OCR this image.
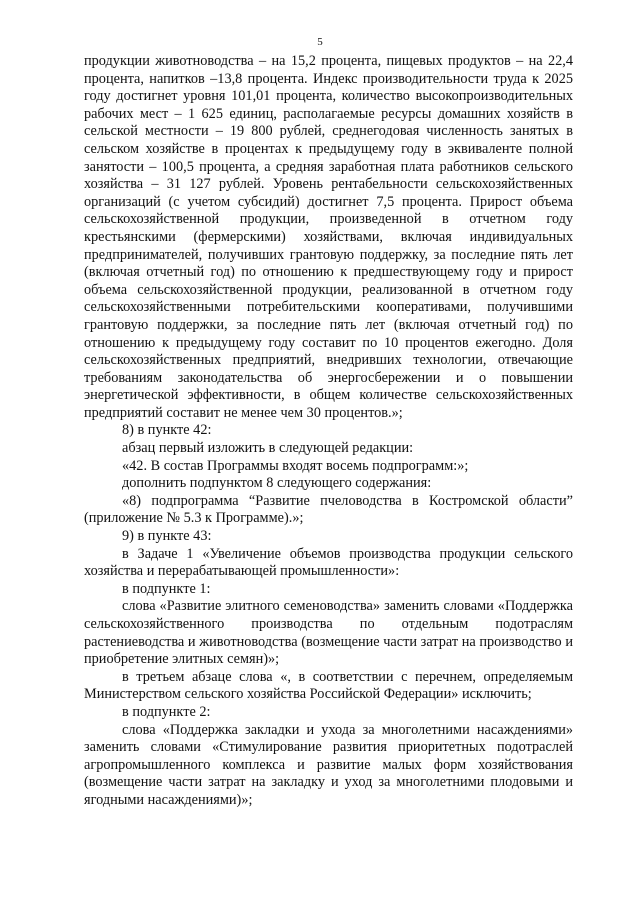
5

продукции животноводства – на 15,2 процента, пищевых продуктов – на 22,4 процента, напитков –13,8 процента. Индекс производительности труда к 2025 году достигнет уровня 101,01 процента, количество высокопроизводительных рабочих мест – 1 625 единиц, располагаемые ресурсы домашних хозяйств в сельской местности – 19 800 рублей, среднегодовая численность занятых в сельском хозяйстве в процентах к предыдущему году в эквиваленте полной занятости – 100,5 процента, а средняя заработная плата работников сельского хозяйства – 31 127 рублей. Уровень рентабельности сельскохозяйственных организаций (с учетом субсидий) достигнет 7,5 процента. Прирост объема сельскохозяйственной продукции, произведенной в отчетном году крестьянскими (фермерскими) хозяйствами, включая индивидуальных предпринимателей, получивших грантовую поддержку, за последние пять лет (включая отчетный год) по отношению к предшествующему году и прирост объема сельскохозяйственной продукции, реализованной в отчетном году сельскохозяйственными потребительскими кооперативами, получившими грантовую поддержки, за последние пять лет (включая отчетный год) по отношению к предыдущему году составит по 10 процентов ежегодно. Доля сельскохозяйственных предприятий, внедривших технологии, отвечающие требованиям законодательства об энергосбережении и о повышении энергетической эффективности, в общем количестве сельскохозяйственных предприятий составит не менее чем 30 процентов.»;

8) в пункте 42:

абзац первый изложить в следующей редакции:

«42. В состав Программы входят восемь подпрограмм:»;

дополнить подпунктом 8 следующего содержания:

«8) подпрограмма “Развитие пчеловодства в Костромской области” (приложение № 5.3 к Программе).»;

9) в пункте 43:

в Задаче 1 «Увеличение объемов производства продукции сельского хозяйства и перерабатывающей промышленности»:

в подпункте 1:

слова «Развитие элитного семеноводства» заменить словами «Поддержка сельскохозяйственного производства по отдельным подотраслям растениеводства и животноводства (возмещение части затрат на производство и приобретение элитных семян)»;

в третьем абзаце слова «, в соответствии с перечнем, определяемым Министерством сельского хозяйства Российской Федерации» исключить;

в подпункте 2:

слова «Поддержка закладки и ухода за многолетними насаждениями» заменить словами «Стимулирование развития приоритетных подотраслей агропромышленного комплекса и развитие малых форм хозяйствования (возмещение части затрат на закладку и уход за многолетними плодовыми и ягодными насаждениями)»;
